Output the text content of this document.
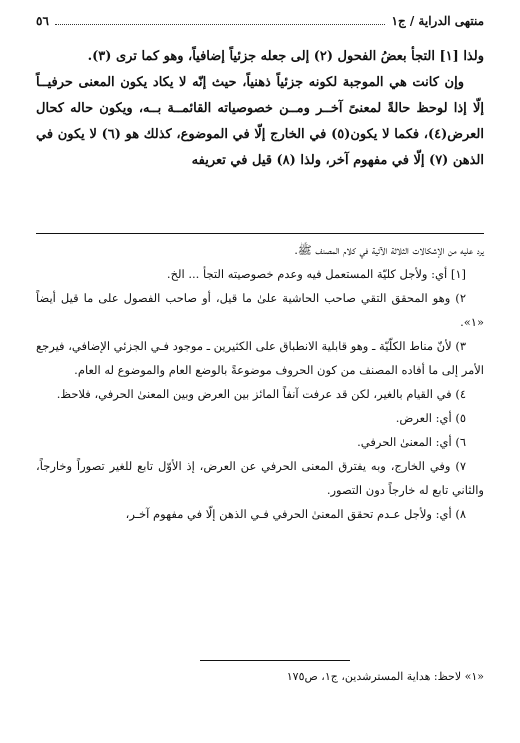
منتهى الدراية / ج١
٥٦

ولذا [١] التجأ بعضُ الفحول (٢) إلى جعله جزئياً إضافياً، وهو كما ترى (٣).

وإن كانت هي الموجبة لكونه جزئياً ذهنياً، حيث إنّه لا يكاد يكون المعنى حرفيــاً إلّا إذا لوحظ حالةً لمعنىً آخــر ومــن خصوصياته القائمــة بــه، ويكون حاله كحال العرض(٤)، فكما لا يكون(٥) في الخارج إلّا في الموضوع، كذلك هو (٦) لا يكون في الذهن (٧) إلّا في مفهوم آخر، ولذا (٨) قيل في تعريفه

يرد عليه من الإشكالات الثلاثة الآتية في كلام المصنف ﷺ.

[١] أي: ولأجل كليّة المستعمل فيه وعدم خصوصيته التجأ ... الخ.

٢) وهو المحقق التقي صاحب الحاشية علىٰ ما قيل، أو صاحب الفصول على ما قيل أيضاً «١».

٣) لأنّ مناط الكلّيّة ـ وهو قابلية الانطباق على الكثيرين ـ موجود فـي الجزئي الإضافي، فيرجع الأمر إلى ما أفاده المصنف من كون الحروف موضوعةً بالوضع العام والموضوع له العام.

٤) في القيام بالغير، لكن قد عرفت آنفاً المائز بين العرض وبين المعنىٰ الحرفي، فلاحظ.

٥) أي: العرض.

٦) أي: المعنىٰ الحرفي.

٧) وفي الخارج، وبه يفترق المعنى الحرفي عن العرض، إذ الأوّل تابع للغير تصوراً وخارجاً، والثاني تابع له خارجاً دون التصور.

٨) أي: ولأجل عـدم تحقق المعنىٰ الحرفي فـي الذهن إلّا في مفهوم آخـر،

«١» لاحظ: هداية المسترشدين، ج١، ص١٧٥
